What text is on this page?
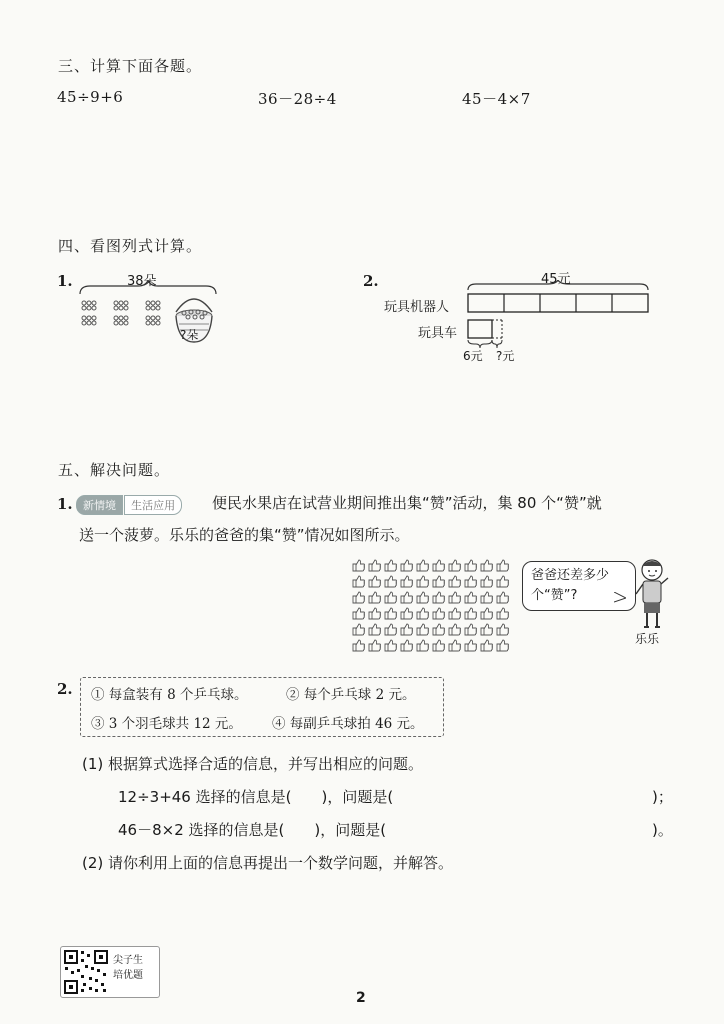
三、计算下面各题。
45÷9+6	36－28÷4	45－4×7
四、看图列式计算。
1.	38朵
?朵
2.	45元
玩具机器人
玩具车
6元 ?元
五、解决问题。
1. 新情境 生活应用	便民水果店在试营业期间推出集“赞”活动，集 80 个“赞”就
送一个菠萝。乐乐的爸爸的集“赞”情况如图所示。
爸爸还差多少
个“赞”?
乐乐
2. ① 每盒装有 8 个乒乓球。	② 每个乒乓球 2 元。
③ 3 个羽毛球共 12 元。 ④ 每副乒乓球拍 46 元。
(1) 根据算式选择合适的信息，并写出相应的问题。
12÷3+46 选择的信息是(　　)，问题是(	)；
46－8×2 选择的信息是(　　)，问题是(	)。
(2) 请你利用上面的信息再提出一个数学问题，并解答。
尖子生
培优题
2
